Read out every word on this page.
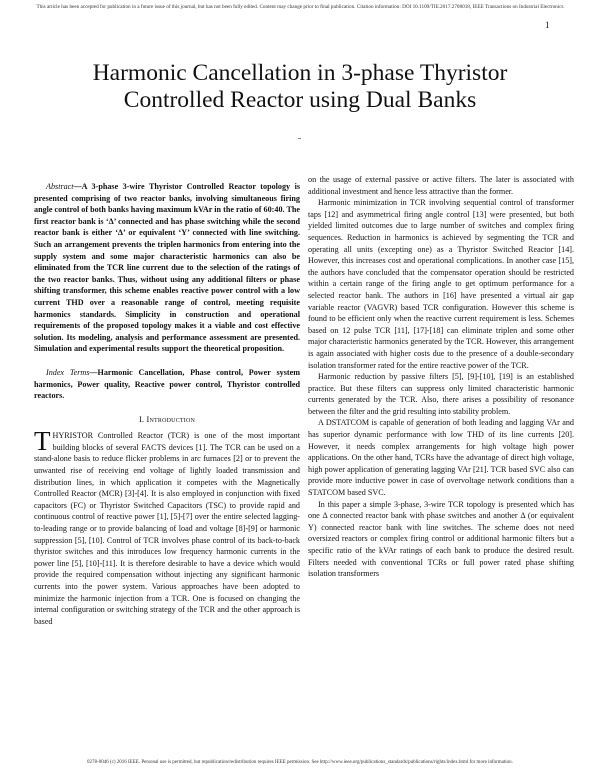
This article has been accepted for publication in a future issue of this journal, but has not been fully edited. Content may change prior to final publication. Citation information: DOI 10.1109/TIE.2017.2708018, IEEE Transactions on Industrial Electronics
1
Harmonic Cancellation in 3-phase Thyristor
Controlled Reactor using Dual Banks

Abstract—A 3-phase 3-wire Thyristor Controlled Reactor topology is presented comprising of two reactor banks, involving simultaneous firing angle control of both banks having maximum kVAr in the ratio of 60:40. The first reactor bank is ‘Δ’ connected and has phase switching while the second reactor bank is either ‘Δ’ or equivalent ‘Y’ connected with line switching. Such an arrangement prevents the triplen harmonics from entering into the supply system and some major characteristic harmonics can also be eliminated from the TCR line current due to the selection of the ratings of the two reactor banks. Thus, without using any additional filters or phase shifting transformer, this scheme enables reactive power control with a low current THD over a reasonable range of control, meeting requisite harmonics standards. Simplicity in construction and operational requirements of the proposed topology makes it a viable and cost effective solution. Its modeling, analysis and performance assessment are presented. Simulation and experimental results support the theoretical proposition.

Index Terms—Harmonic Cancellation, Phase control, Power system harmonics, Power quality, Reactive power control, Thyristor controlled reactors.

I. Introduction

THYRISTOR Controlled Reactor (TCR) is one of the most important building blocks of several FACTS devices [1]. The TCR can be used on a stand-alone basis to reduce flicker problems in arc furnaces [2] or to prevent the unwanted rise of receiving end voltage of lightly loaded transmission and distribution lines, in which application it competes with the Magnetically Controlled Reactor (MCR) [3]-[4]. It is also employed in conjunction with fixed capacitors (FC) or Thyristor Switched Capacitors (TSC) to provide rapid and continuous control of reactive power [1], [5]-[7] over the entire selected lagging-to-leading range or to provide balancing of load and voltage [8]-[9] or harmonic suppression [5], [10]. Control of TCR involves phase control of its back-to-back thyristor switches and this introduces low frequency harmonic currents in the power line [5], [10]-[11]. It is therefore desirable to have a device which would provide the required compensation without injecting any significant harmonic currents into the power system. Various approaches have been adopted to minimize the harmonic injection from a TCR. One is focused on changing the internal configuration or switching strategy of the TCR and the other approach is based

on the usage of external passive or active filters. The later is associated with additional investment and hence less attractive than the former.

Harmonic minimization in TCR involving sequential control of transformer taps [12] and asymmetrical firing angle control [13] were presented, but both yielded limited outcomes due to large number of switches and complex firing sequences. Reduction in harmonics is achieved by segmenting the TCR and operating all units (excepting one) as a Thyristor Switched Reactor [14]. However, this increases cost and operational complications. In another case [15], the authors have concluded that the compensator operation should be restricted within a certain range of the firing angle to get optimum performance for a selected reactor bank. The authors in [16] have presented a virtual air gap variable reactor (VAGVR) based TCR configuration. However this scheme is found to be efficient only when the reactive current requirement is less. Schemes based on 12 pulse TCR [11], [17]-[18] can eliminate triplen and some other major characteristic harmonics generated by the TCR. However, this arrangement is again associated with higher costs due to the presence of a double-secondary isolation transformer rated for the entire reactive power of the TCR.

Harmonic reduction by passive filters [5], [9]-[10], [19] is an established practice. But these filters can suppress only limited characteristic harmonic currents generated by the TCR. Also, there arises a possibility of resonance between the filter and the grid resulting into stability problem.

A DSTATCOM is capable of generation of both leading and lagging VAr and has superior dynamic performance with low THD of its line currents [20]. However, it needs complex arrangements for high voltage high power applications. On the other hand, TCRs have the advantage of direct high voltage, high power application of generating lagging VAr [21]. TCR based SVC also can provide more inductive power in case of overvoltage network conditions than a STATCOM based SVC.

In this paper a simple 3-phase, 3-wire TCR topology is presented which has one Δ connected reactor bank with phase switches and another Δ (or equivalent Y) connected reactor bank with line switches. The scheme does not need oversized reactors or complex firing control or additional harmonic filters but a specific ratio of the kVAr ratings of each bank to produce the desired result. Filters needed with conventional TCRs or full power rated phase shifting isolation transformers

0278-0046 (c) 2016 IEEE. Personal use is permitted, but republication/redistribution requires IEEE permission. See http://www.ieee.org/publications_standards/publications/rights/index.html for more information.
